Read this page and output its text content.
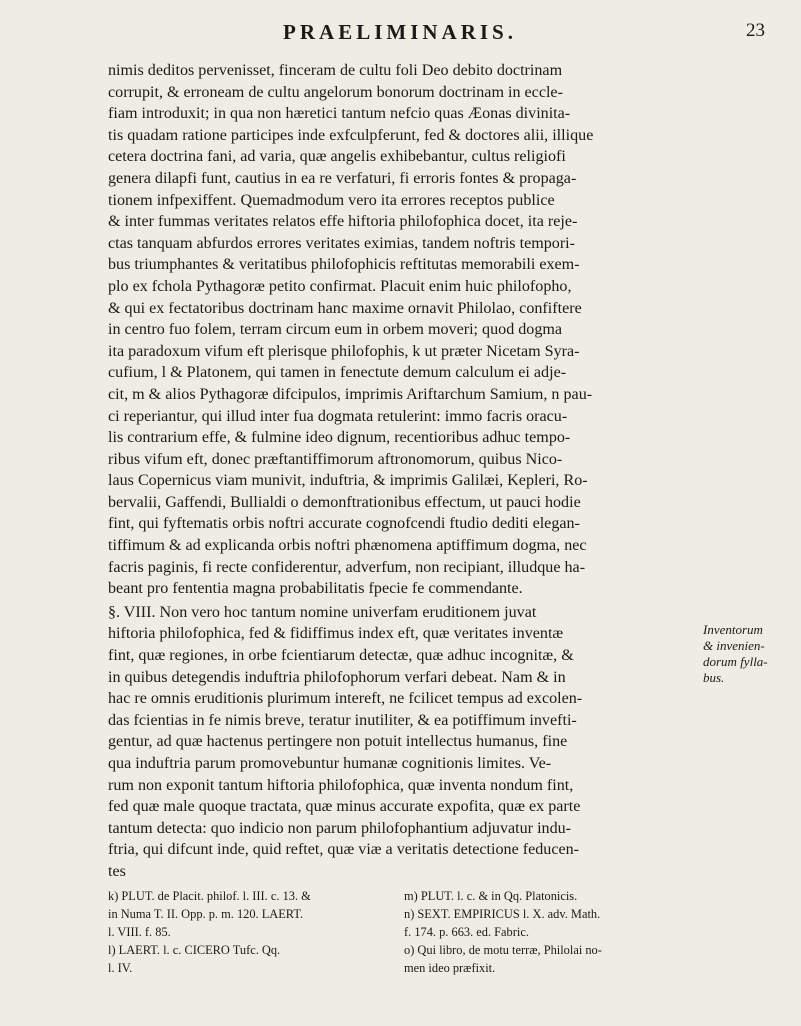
PRAELIMINARIS.	23
nimis deditos pervenisset, finceram de cultu foli Deo debito doctrinam
corrupit, & erroneam de cultu angelorum bonorum doctrinam in eccle-
fiam introduxit; in qua non hæretici tantum nefcio quas Æonas divinita-
tis quadam ratione participes inde exfculpferunt, fed & doctores alii, illique
cetera doctrina fani, ad varia, quæ angelis exhibebantur, cultus religiofi
genera dilapfi funt, cautius in ea re verfaturi, fi erroris fontes & propaga-
tionem infpexiffent. Quemadmodum vero ita errores receptos publice
& inter fummas veritates relatos effe hiftoria philofophica docet, ita reje-
ctas tanquam abfurdos errores veritates eximias, tandem noftris tempori-
bus triumphantes & veritatibus philofophicis reftitutas memorabili exem-
plo ex fchola Pythagoræ petito confirmat. Placuit enim huic philofopho,
& qui ex fectatoribus doctrinam hanc maxime ornavit Philolao, confiftere
in centro fuo folem, terram circum eum in orbem moveri; quod dogma
ita paradoxum vifum eft plerisque philofophis, k ut præter Nicetam Syra-
cufium, l & Platonem, qui tamen in fenectute demum calculum ei adje-
cit, m & alios Pythagoræ difcipulos, imprimis Ariftarchum Samium, n pau-
ci reperiantur, qui illud inter fua dogmata retulerint: immo facris oracu-
lis contrarium effe, & fulmine ideo dignum, recentioribus adhuc tempo-
ribus vifum eft, donec præftantiffimorum aftronomorum, quibus Nico-
laus Copernicus viam munivit, induftria, & imprimis Galilæi, Kepleri, Ro-
bervalii, Gaffendi, Bullialdi o demonftrationibus effectum, ut pauci hodie
fint, qui fyftematis orbis noftri accurate cognofcendi ftudio dediti elegan-
tiffimum & ad explicanda orbis noftri phænomena aptiffimum dogma, nec
facris paginis, fi recte confiderentur, adverfum, non recipiant, illudque ha-
beant pro fententia magna probabilitatis fpecie fe commendante.
§. VIII. Non vero hoc tantum nomine univerfam eruditionem juvat
hiftoria philofophica, fed & fidiffimus index eft, quæ veritates inventæ
fint, quæ regiones, in orbe fcientiarum detectæ, quæ adhuc incognitæ, &
in quibus detegendis induftria philofophorum verfari debeat. Nam & in
hac re omnis eruditionis plurimum intereft, ne fcilicet tempus ad excolen-
das fcientias in fe nimis breve, teratur inutiliter, & ea potiffimum invefti-
gentur, ad quæ hactenus pertingere non potuit intellectus humanus, fine
qua induftria parum promovebuntur humanæ cognitionis limites. Ve-
rum non exponit tantum hiftoria philofophica, quæ inventa nondum fint,
fed quæ male quoque tractata, quæ minus accurate expofita, quæ ex parte
tantum detecta: quo indicio non parum philofophantium adjuvatur indu-
ftria, qui difcunt inde, quid reftet, quæ viæ a veritatis detectione feducen-
tes
Inventorum
& invenien-
dorum fylla-
bus.
k) PLUT. de Placit. philof. l. III. c. 13. &
in Numa T. II. Opp. p. m. 120. LAERT.
l. VIII. f. 85.
l) LAERT. l. c. CICERO Tufc. Qq.
l. IV.
m) PLUT. l. c. & in Qq. Platonicis.
n) SEXT. EMPIRICUS l. X. adv. Math.
f. 174. p. 663. ed. Fabric.
o) Qui libro, de motu terræ, Philolai no-
men ideo præfixit.
